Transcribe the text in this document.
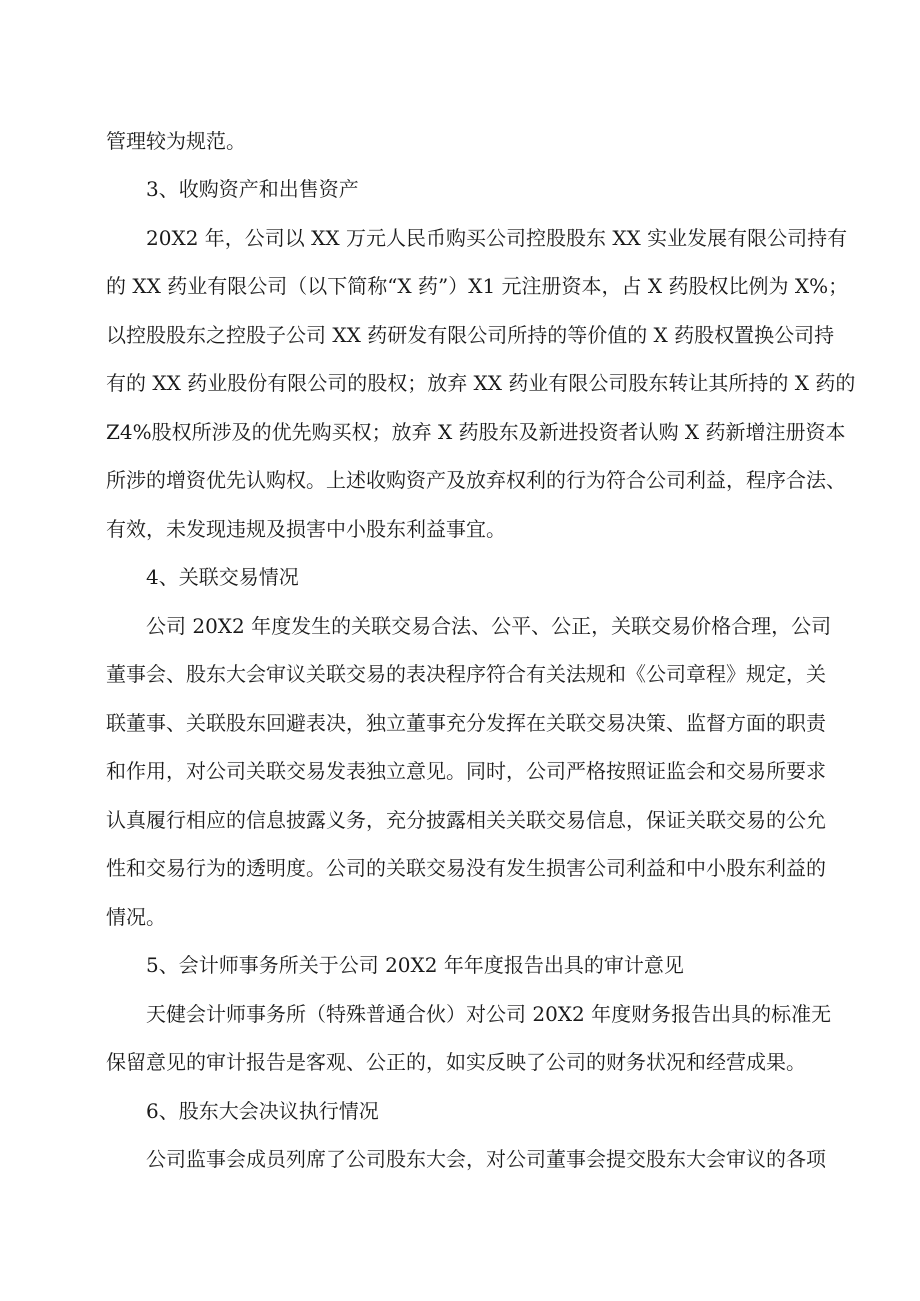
管理较为规范。
3、收购资产和出售资产
20X2 年，公司以 XX 万元人民币购买公司控股股东 XX 实业发展有限公司持有
的 XX 药业有限公司（以下简称“X 药”）X1 元注册资本，占 X 药股权比例为 X%；
以控股股东之控股子公司 XX 药研发有限公司所持的等价值的 X 药股权置换公司持
有的 XX 药业股份有限公司的股权；放弃 XX 药业有限公司股东转让其所持的 X 药的
Z4%股权所涉及的优先购买权；放弃 X 药股东及新进投资者认购 X 药新增注册资本
所涉的增资优先认购权。上述收购资产及放弃权利的行为符合公司利益，程序合法、
有效，未发现违规及损害中小股东利益事宜。
4、关联交易情况
公司 20X2 年度发生的关联交易合法、公平、公正，关联交易价格合理，公司
董事会、股东大会审议关联交易的表决程序符合有关法规和《公司章程》规定，关
联董事、关联股东回避表决，独立董事充分发挥在关联交易决策、监督方面的职责
和作用，对公司关联交易发表独立意见。同时，公司严格按照证监会和交易所要求
认真履行相应的信息披露义务，充分披露相关关联交易信息，保证关联交易的公允
性和交易行为的透明度。公司的关联交易没有发生损害公司利益和中小股东利益的
情况。
5、会计师事务所关于公司 20X2 年年度报告出具的审计意见
天健会计师事务所（特殊普通合伙）对公司 20X2 年度财务报告出具的标准无
保留意见的审计报告是客观、公正的，如实反映了公司的财务状况和经营成果。
6、股东大会决议执行情况
公司监事会成员列席了公司股东大会，对公司董事会提交股东大会审议的各项
